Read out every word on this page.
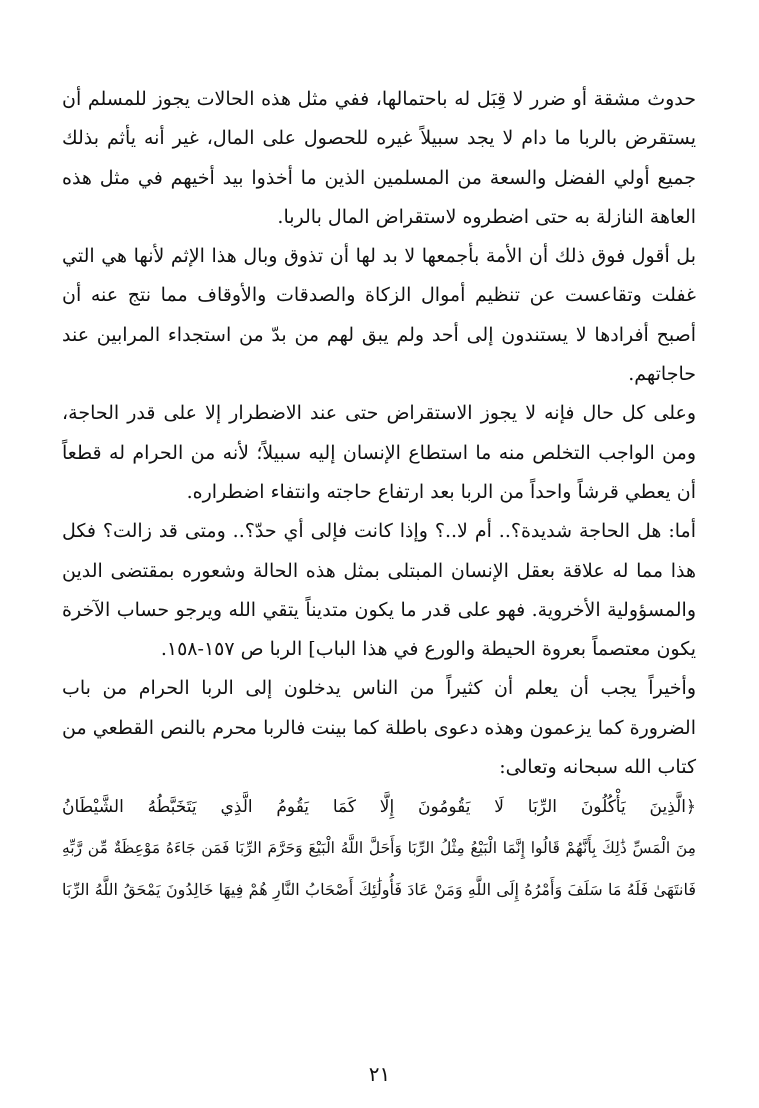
حدوث مشقة أو ضرر لا قِبَل له باحتمالها، ففي مثل هذه الحالات يجوز للمسلم أن يستقرض بالربا ما دام لا يجد سبيلاً غيره للحصول على المال، غير أنه يأثم بذلك جميع أولي الفضل والسعة من المسلمين الذين ما أخذوا بيد أخيهم في مثل هذه العاهة النازلة به حتى اضطروه لاستقراض المال بالربا.

بل أقول فوق ذلك أن الأمة بأجمعها لا بد لها أن تذوق وبال هذا الإثم لأنها هي التي غفلت وتقاعست عن تنظيم أموال الزكاة والصدقات والأوقاف مما نتج عنه أن أصبح أفرادها لا يستندون إلى أحد ولم يبق لهم من بدّ من استجداء المرابين عند حاجاتهم.

وعلى كل حال فإنه لا يجوز الاستقراض حتى عند الاضطرار إلا على قدر الحاجة، ومن الواجب التخلص منه ما استطاع الإنسان إليه سبيلاً؛ لأنه من الحرام له قطعاً أن يعطي قرشاً واحداً من الربا بعد ارتفاع حاجته وانتفاء اضطراره.

أما: هل الحاجة شديدة؟.. أم لا..؟ وإذا كانت فإلى أي حدّ؟.. ومتى قد زالت؟ فكل هذا مما له علاقة بعقل الإنسان المبتلى بمثل هذه الحالة وشعوره بمقتضى الدين والمسؤولية الأخروية. فهو على قدر ما يكون متديناً يتقي الله ويرجو حساب الآخرة يكون معتصماً بعروة الحيطة والورع في هذا الباب] الربا ص ١٥٧-١٥٨.

وأخيراً يجب أن يعلم أن كثيراً من الناس يدخلون إلى الربا الحرام من باب الضرورة كما يزعمون وهذه دعوى باطلة كما بينت فالربا محرم بالنص القطعي من كتاب الله سبحانه وتعالى:

﴿الَّذِينَ يَأْكُلُونَ الرِّبَا لَا يَقُومُونَ إِلَّا كَمَا يَقُومُ الَّذِي يَتَخَبَّطُهُ الشَّيْطَانُ
مِنَ الْمَسِّ ذَٰلِكَ بِأَنَّهُمْ قَالُوا إِنَّمَا الْبَيْعُ مِثْلُ الرِّبَا وَأَحَلَّ اللَّهُ الْبَيْعَ وَحَرَّمَ الرِّبَا فَمَن جَاءَهُ مَوْعِظَةٌ مِّن رَّبِّهِ
فَانتَهَىٰ فَلَهُ مَا سَلَفَ وَأَمْرُهُ إِلَى اللَّهِ وَمَنْ عَادَ فَأُولَٰئِكَ أَصْحَابُ النَّارِ هُمْ فِيهَا خَالِدُونَ يَمْحَقُ اللَّهُ الرِّبَا
٢١
